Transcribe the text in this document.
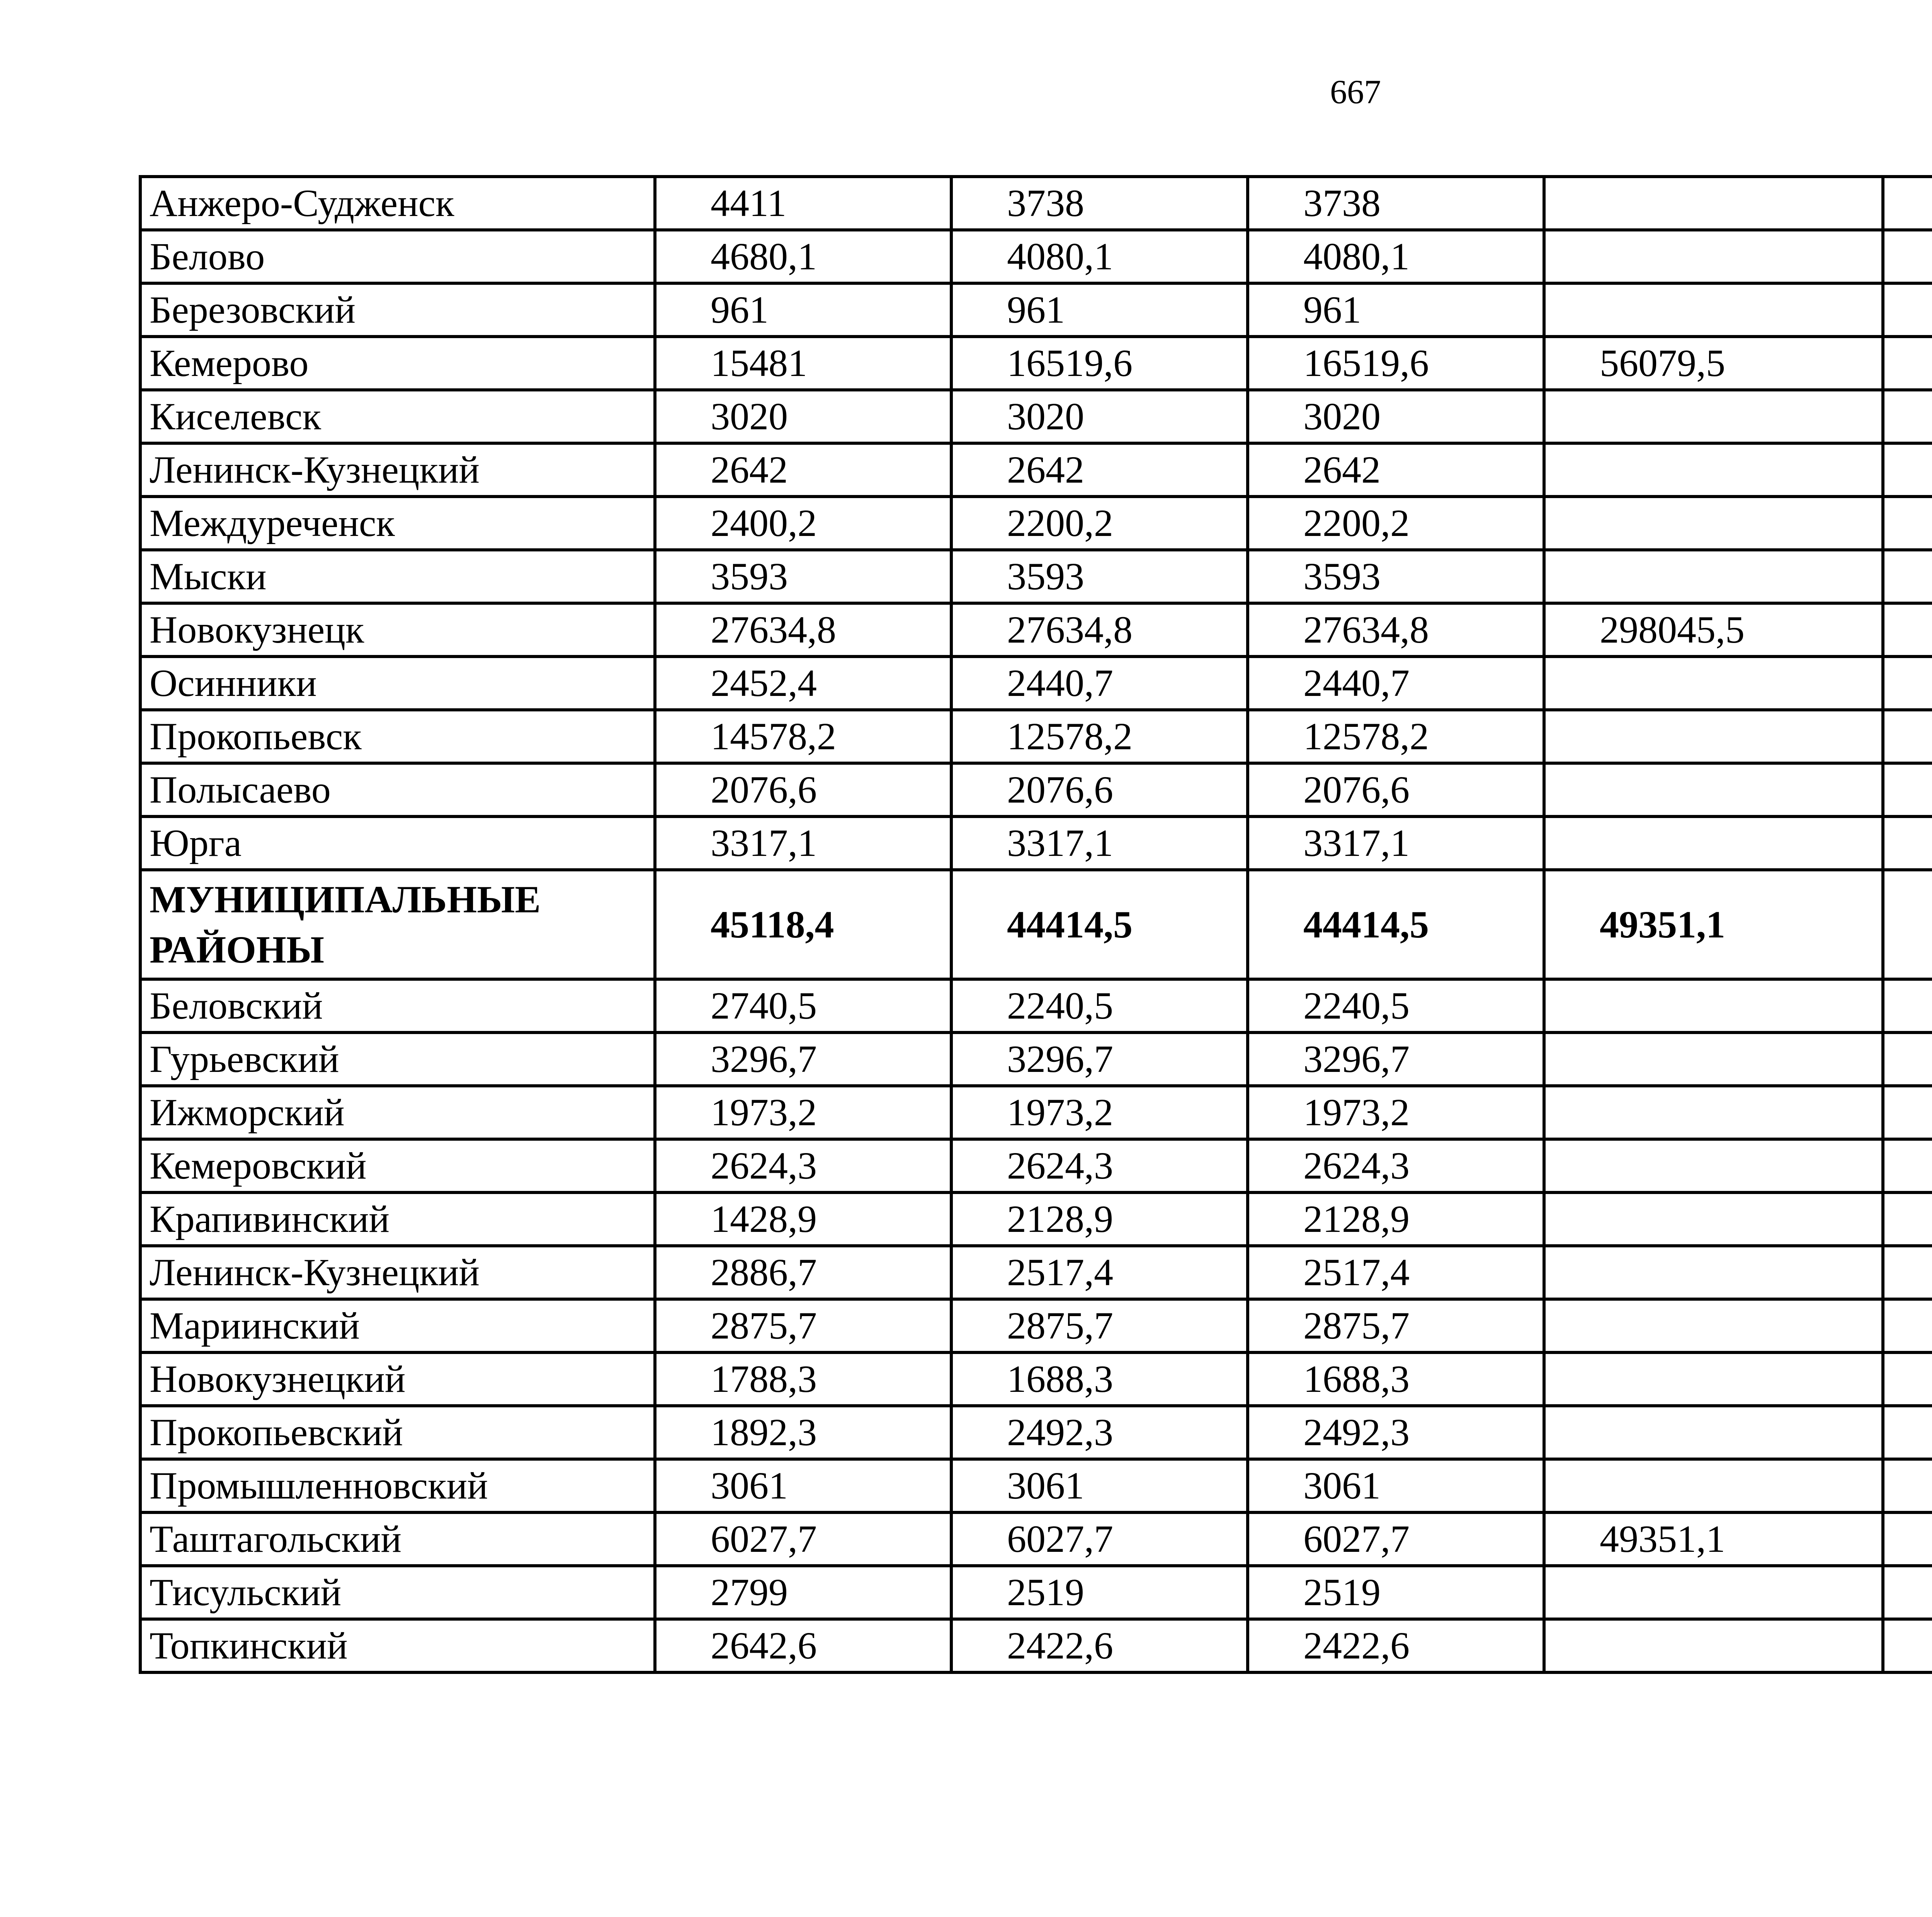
667
Анжеро-Судженск	4411	3738	3738			
Белово	4680,1	4080,1	4080,1			
Березовский	961	961	961			
Кемерово	15481	16519,6	16519,6	56079,5		
Киселевск	3020	3020	3020			
Ленинск-Кузнецкий	2642	2642	2642			
Междуреченск	2400,2	2200,2	2200,2			
Мыски	3593	3593	3593			
Новокузнецк	27634,8	27634,8	27634,8	298045,5		
Осинники	2452,4	2440,7	2440,7			
Прокопьевск	14578,2	12578,2	12578,2			
Полысаево	2076,6	2076,6	2076,6			
Юрга	3317,1	3317,1	3317,1			
МУНИЦИПАЛЬНЫЕ РАЙОНЫ	45118,4	44414,5	44414,5	49351,1		
Беловский	2740,5	2240,5	2240,5			
Гурьевский	3296,7	3296,7	3296,7			
Ижморский	1973,2	1973,2	1973,2			
Кемеровский	2624,3	2624,3	2624,3			
Крапивинский	1428,9	2128,9	2128,9			
Ленинск-Кузнецкий	2886,7	2517,4	2517,4			
Мариинский	2875,7	2875,7	2875,7			
Новокузнецкий	1788,3	1688,3	1688,3			
Прокопьевский	1892,3	2492,3	2492,3			
Промышленновский	3061	3061	3061			
Таштагольский	6027,7	6027,7	6027,7	49351,1		
Тисульский	2799	2519	2519			
Топкинский	2642,6	2422,6	2422,6			
